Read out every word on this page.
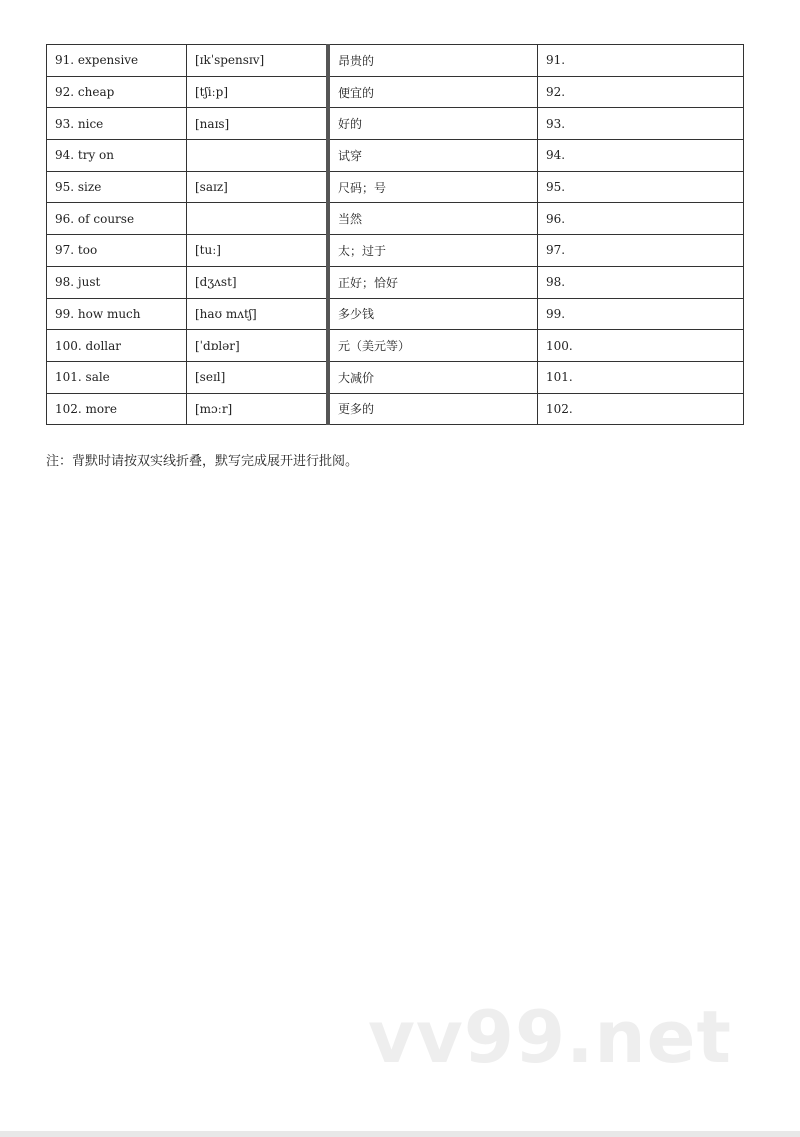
91. expensive	[ɪkˈspensɪv]	昂贵的	91.
92. cheap	[tʃiːp]	便宜的	92.
93. nice	[naɪs]	好的	93.
94. try on		试穿	94.
95. size	[saɪz]	尺码；号	95.
96. of course		当然	96.
97. too	[tuː]	太；过于	97.
98. just	[dʒʌst]	正好；恰好	98.
99. how much	[haʊ mʌtʃ]	多少钱	99.
100. dollar	[ˈdɒlər]	元（美元等）	100.
101. sale	[seɪl]	大减价	101.
102. more	[mɔːr]	更多的	102.
注：背默时请按双实线折叠，默写完成展开进行批阅。
vv99.net
